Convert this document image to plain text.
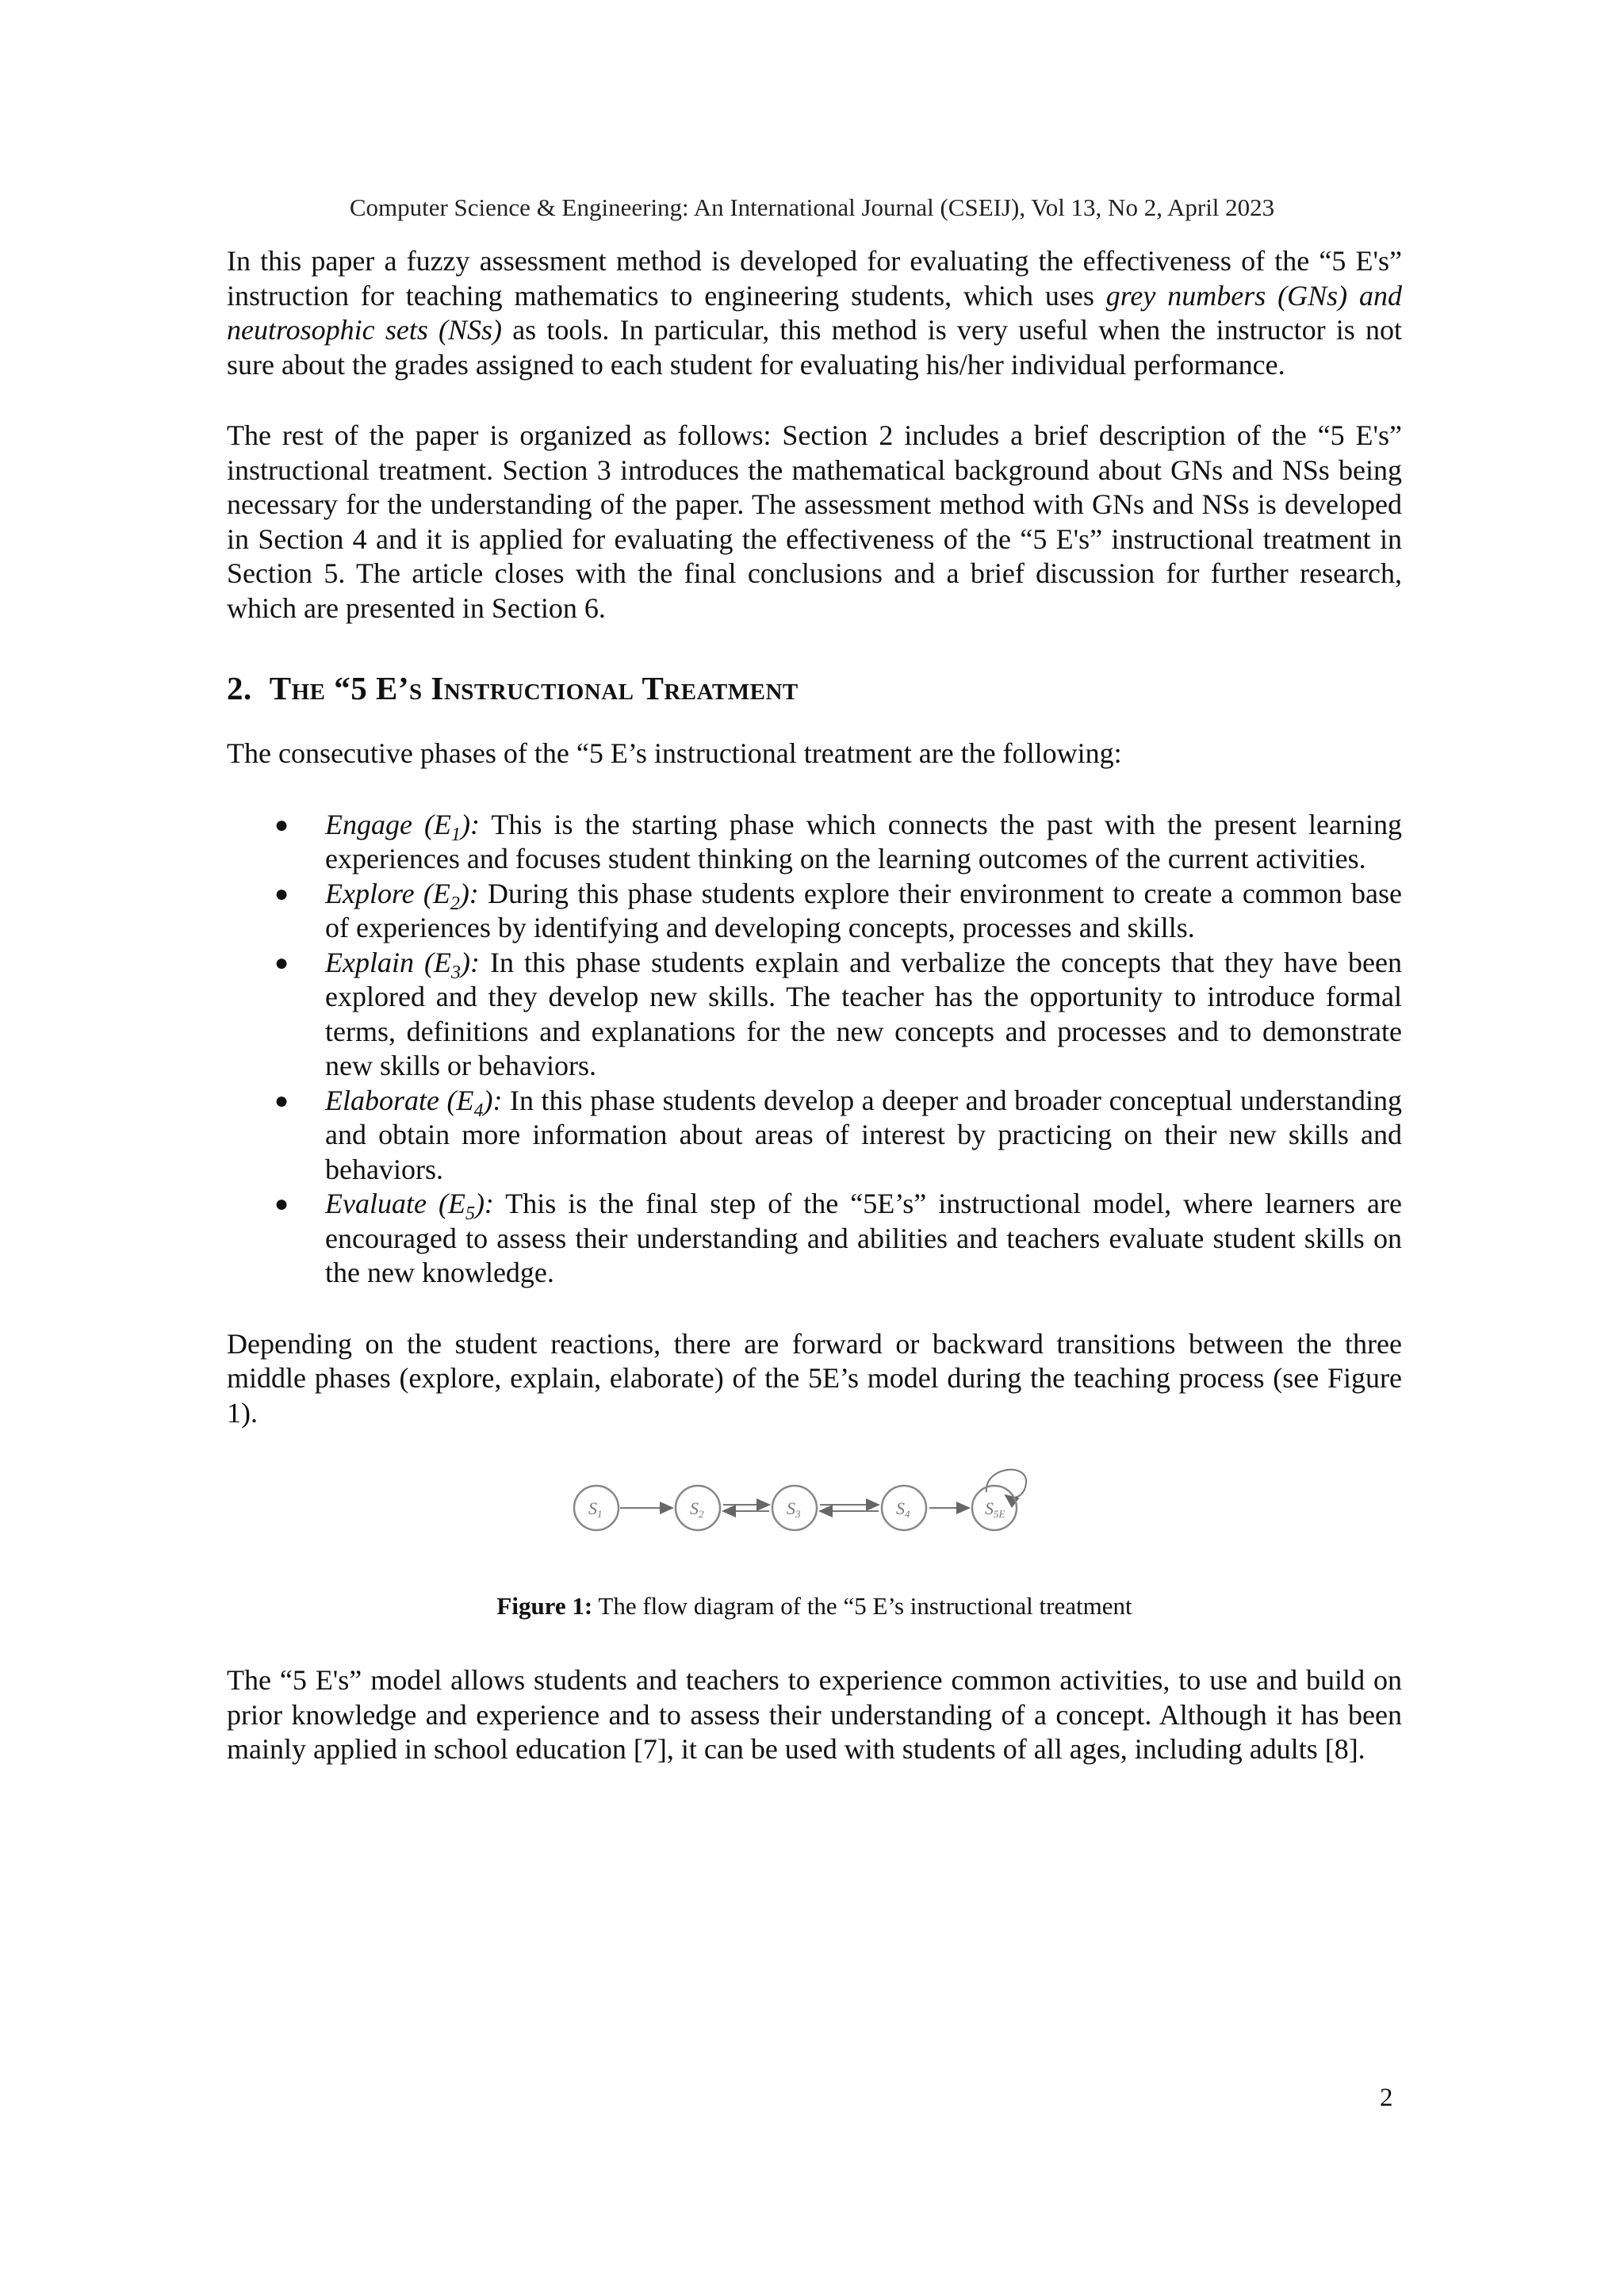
Computer Science & Engineering: An International Journal (CSEIJ), Vol 13, No 2, April 2023

In this paper a fuzzy assessment method is developed for evaluating the effectiveness of the “5 E's” instruction for teaching mathematics to engineering students, which uses grey numbers (GNs) and neutrosophic sets (NSs) as tools. In particular, this method is very useful when the instructor is not sure about the grades assigned to each student for evaluating his/her individual performance.

The rest of the paper is organized as follows: Section 2 includes a brief description of the “5 E's” instructional treatment. Section 3 introduces the mathematical background about GNs and NSs being necessary for the understanding of the paper. The assessment method with GNs and NSs is developed in Section 4 and it is applied for evaluating the effectiveness of the “5 E's” instructional treatment in Section 5. The article closes with the final conclusions and a brief discussion for further research, which are presented in Section 6.

2. The “5 E’s Instructional Treatment

The consecutive phases of the “5 E’s instructional treatment are the following:

● Engage $(E_1)$: This is the starting phase which connects the past with the present learning experiences and focuses student thinking on the learning outcomes of the current activities.
● Explore $(E_2)$: During this phase students explore their environment to create a common base of experiences by identifying and developing concepts, processes and skills.
● Explain $(E_3)$: In this phase students explain and verbalize the concepts that they have been explored and they develop new skills. The teacher has the opportunity to introduce formal terms, definitions and explanations for the new concepts and processes and to demonstrate new skills or behaviors.
● Elaborate $(E_4)$: In this phase students develop a deeper and broader conceptual understanding and obtain more information about areas of interest by practicing on their new skills and behaviors.
● Evaluate $(E_5)$: This is the final step of the “5E’s” instructional model, where learners are encouraged to assess their understanding and abilities and teachers evaluate student skills on the new knowledge.

Depending on the student reactions, there are forward or backward transitions between the three middle phases (explore, explain, elaborate) of the 5E’s model during the teaching process (see Figure 1).

S1	S2	S3	S4	S5E
Figure 1: The flow diagram of the “5 E’s instructional treatment

The “5 E's” model allows students and teachers to experience common activities, to use and build on prior knowledge and experience and to assess their understanding of a concept. Although it has been mainly applied in school education [7], it can be used with students of all ages, including adults [8].

2
